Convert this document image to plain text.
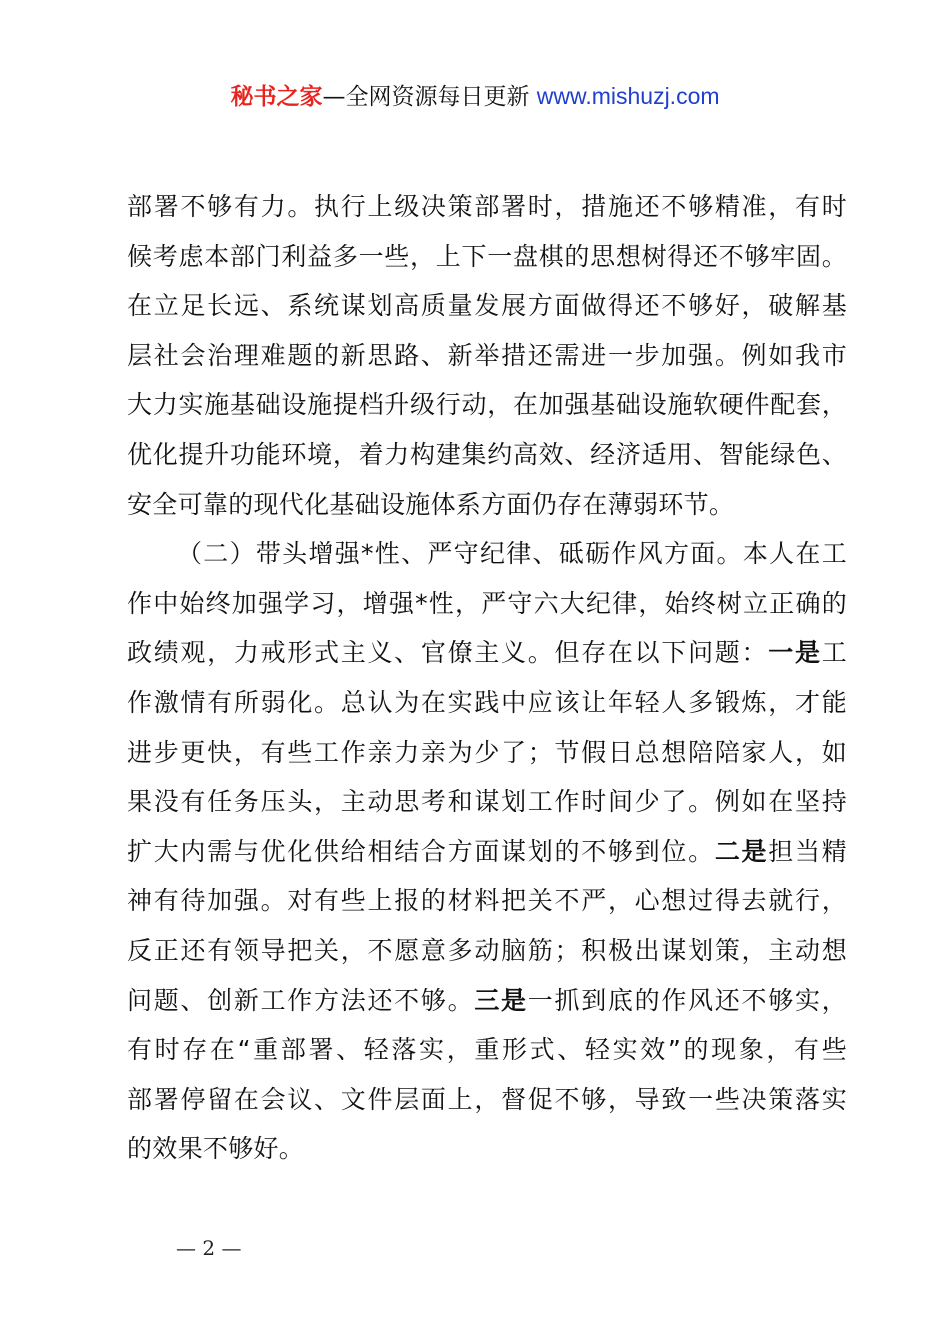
秘书之家—全网资源每日更新 www.mishuzj.com
部署不够有力。执行上级决策部署时，措施还不够精准，有时
候考虑本部门利益多一些，上下一盘棋的思想树得还不够牢固。
在立足长远、系统谋划高质量发展方面做得还不够好，破解基
层社会治理难题的新思路、新举措还需进一步加强。例如我市
大力实施基础设施提档升级行动，在加强基础设施软硬件配套，
优化提升功能环境，着力构建集约高效、经济适用、智能绿色、
安全可靠的现代化基础设施体系方面仍存在薄弱环节。
（二）带头增强*性、严守纪律、砥砺作风方面。本人在工
作中始终加强学习，增强*性，严守六大纪律，始终树立正确的
政绩观，力戒形式主义、官僚主义。但存在以下问题：一是工
作激情有所弱化。总认为在实践中应该让年轻人多锻炼，才能
进步更快，有些工作亲力亲为少了；节假日总想陪陪家人，如
果没有任务压头，主动思考和谋划工作时间少了。例如在坚持
扩大内需与优化供给相结合方面谋划的不够到位。二是担当精
神有待加强。对有些上报的材料把关不严，心想过得去就行，
反正还有领导把关，不愿意多动脑筋；积极出谋划策，主动想
问题、创新工作方法还不够。三是一抓到底的作风还不够实，
有时存在“重部署、轻落实，重形式、轻实效”的现象，有些
部署停留在会议、文件层面上，督促不够，导致一些决策落实
的效果不够好。
— 2 —
